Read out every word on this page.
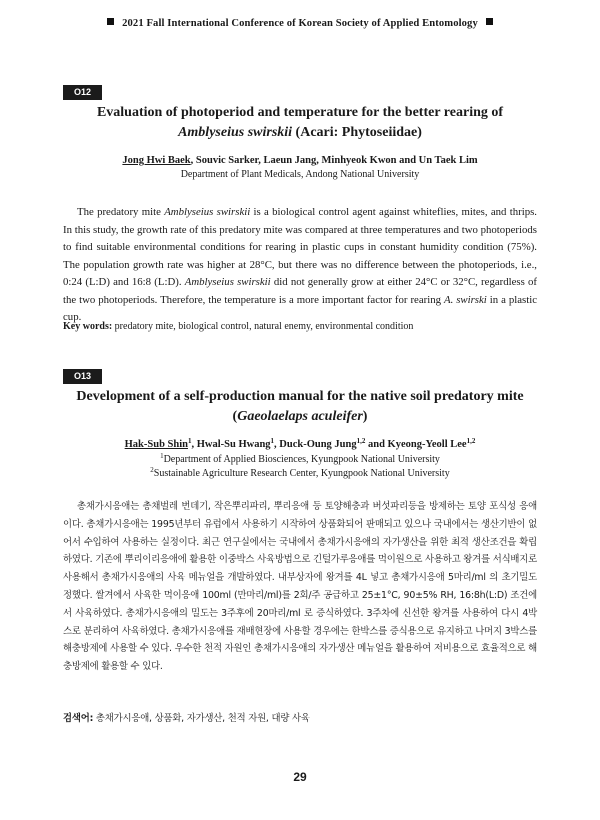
2021 Fall International Conference of Korean Society of Applied Entomology
O12
Evaluation of photoperiod and temperature for the better rearing of
Amblyseius swirskii (Acari: Phytoseiidae)
Jong Hwi Baek, Souvic Sarker, Laeun Jang, Minhyeok Kwon and Un Taek Lim
Department of Plant Medicals, Andong National University
The predatory mite Amblyseius swirskii is a biological control agent against whiteflies, mites, and thrips. In this study, the growth rate of this predatory mite was compared at three temperatures and two photoperiods to find suitable environmental conditions for rearing in plastic cups in constant humidity condition (75%). The population growth rate was higher at 28°C, but there was no difference between the photoperiods, i.e., 0:24 (L:D) and 16:8 (L:D). Amblyseius swirskii did not generally grow at either 24°C or 32°C, regardless of the two photoperiods. Therefore, the temperature is a more important factor for rearing A. swirski in a plastic cup.
Key words: predatory mite, biological control, natural enemy, environmental condition
O13
Development of a self-production manual for the native soil predatory mite
(Gaeolaelaps aculeifer)
Hak-Sub Shin$^1$, Hwal-Su Hwang$^1$, Duck-Oung Jung$^{1,2}$ and Kyeong-Yeoll Lee$^{1,2}$
$^1$Department of Applied Biosciences, Kyungpook National University
$^2$Sustainable Agriculture Research Center, Kyungpook National University
총채가시응애는 총채벌레 번데기, 작은뿌리파리, 뿌리응애 등 토양해충과 버섯파리등을 방제하는 토양 포식성 응애이다. 총채가시응애는 1995년부터 유럽에서 사용하기 시작하여 상품화되어 판매되고 있으나 국내에서는 생산기반이 없어서 수입하여 사용하는 실정이다. 최근 연구실에서는 국내에서 총채가시응애의 자가생산을 위한 최적 생산조건을 확립하였다. 기존에 뿌리이리응애에 활용한 이중박스 사육방법으로 긴털가루응애를 먹이원으로 사용하고 왕겨를 서식배지로 사용해서 총채가시응애의 사육 메뉴얼을 개발하였다. 내부상자에 왕겨를 4L 넣고 총채가시응애 5마리/ml 의 초기밀도 정했다. 쌀겨에서 사육한 먹이응애 100ml (만마리/ml)를 2회/주 공급하고 25±1°C, 90±5% RH, 16:8h(L:D) 조건에서 사육하였다. 총채가시응애의 밀도는 3주후에 20마리/ml 로 증식하였다. 3주차에 신선한 왕겨를 사용하여 다시 4박스로 분리하여 사육하였다. 총채가시응애를 재배현장에 사용할 경우에는 한박스를 증식용으로 유지하고 나머지 3박스를 해충방제에 사용할 수 있다. 우수한 천적 자원인 총채가시응애의 자가생산 메뉴얼을 활용하여 저비용으로 효율적으로 해충방제에 활용할 수 있다.
검색어: 총채가시응애, 상품화, 자가생산, 천적 자원, 대량 사육
29
